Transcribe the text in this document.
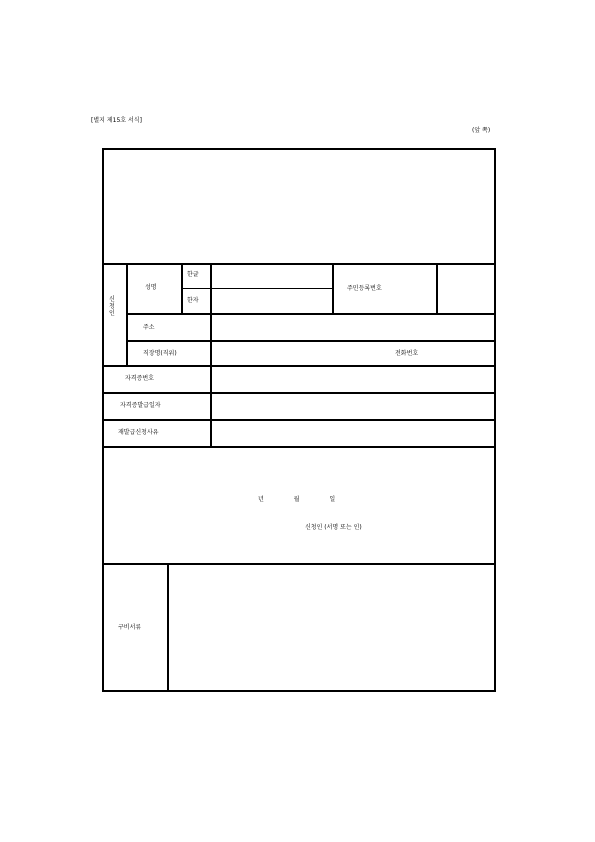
[별지 제15호 서식]
(앞 쪽)
신청인
성명
한글
한자
주민등록번호
주소
직장명(직위)	전화번호
자격증번호
자격증발급일자
재발급신청사유
년 월 일
신청인 (서명 또는 인)
구비서류
